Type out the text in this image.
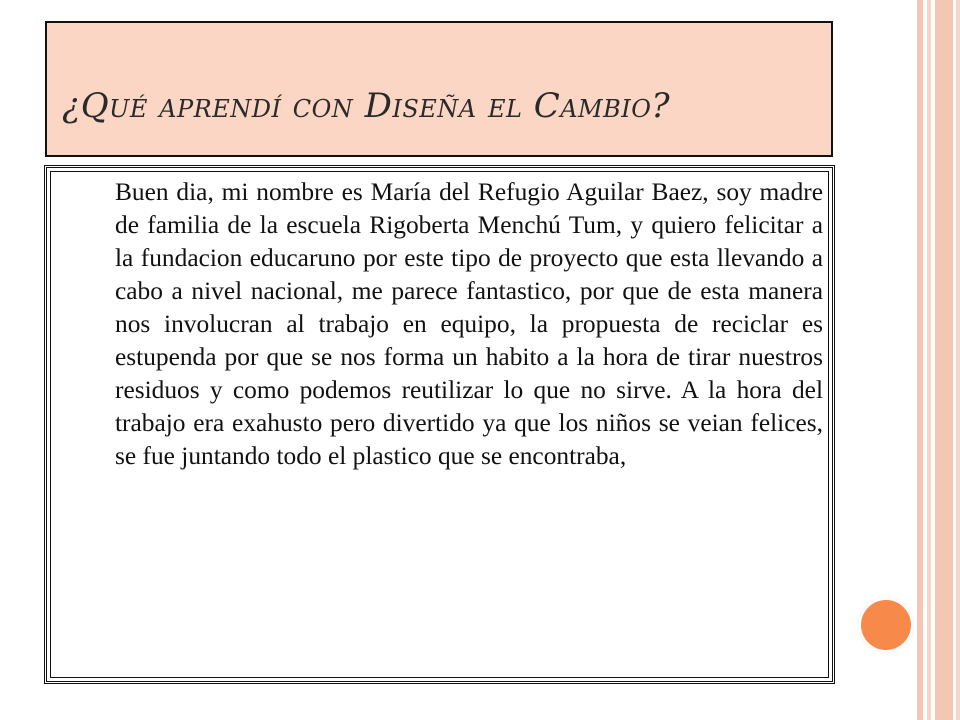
¿Qué aprendí con Diseña el Cambio?

Buen dia, mi nombre es María del Refugio Aguilar Baez, soy madre de familia de la escuela Rigoberta Menchú Tum, y quiero felicitar a la fundacion educaruno por este tipo de proyecto que esta llevando a cabo a nivel nacional, me parece fantastico, por que de esta manera nos involucran al trabajo en equipo, la propuesta de reciclar es estupenda por que se nos forma un habito a la hora de tirar nuestros residuos y como podemos reutilizar lo que no sirve. A la hora del trabajo era exahusto pero divertido ya que los niños se veian felices, se fue juntando todo el plastico que se encontraba,
